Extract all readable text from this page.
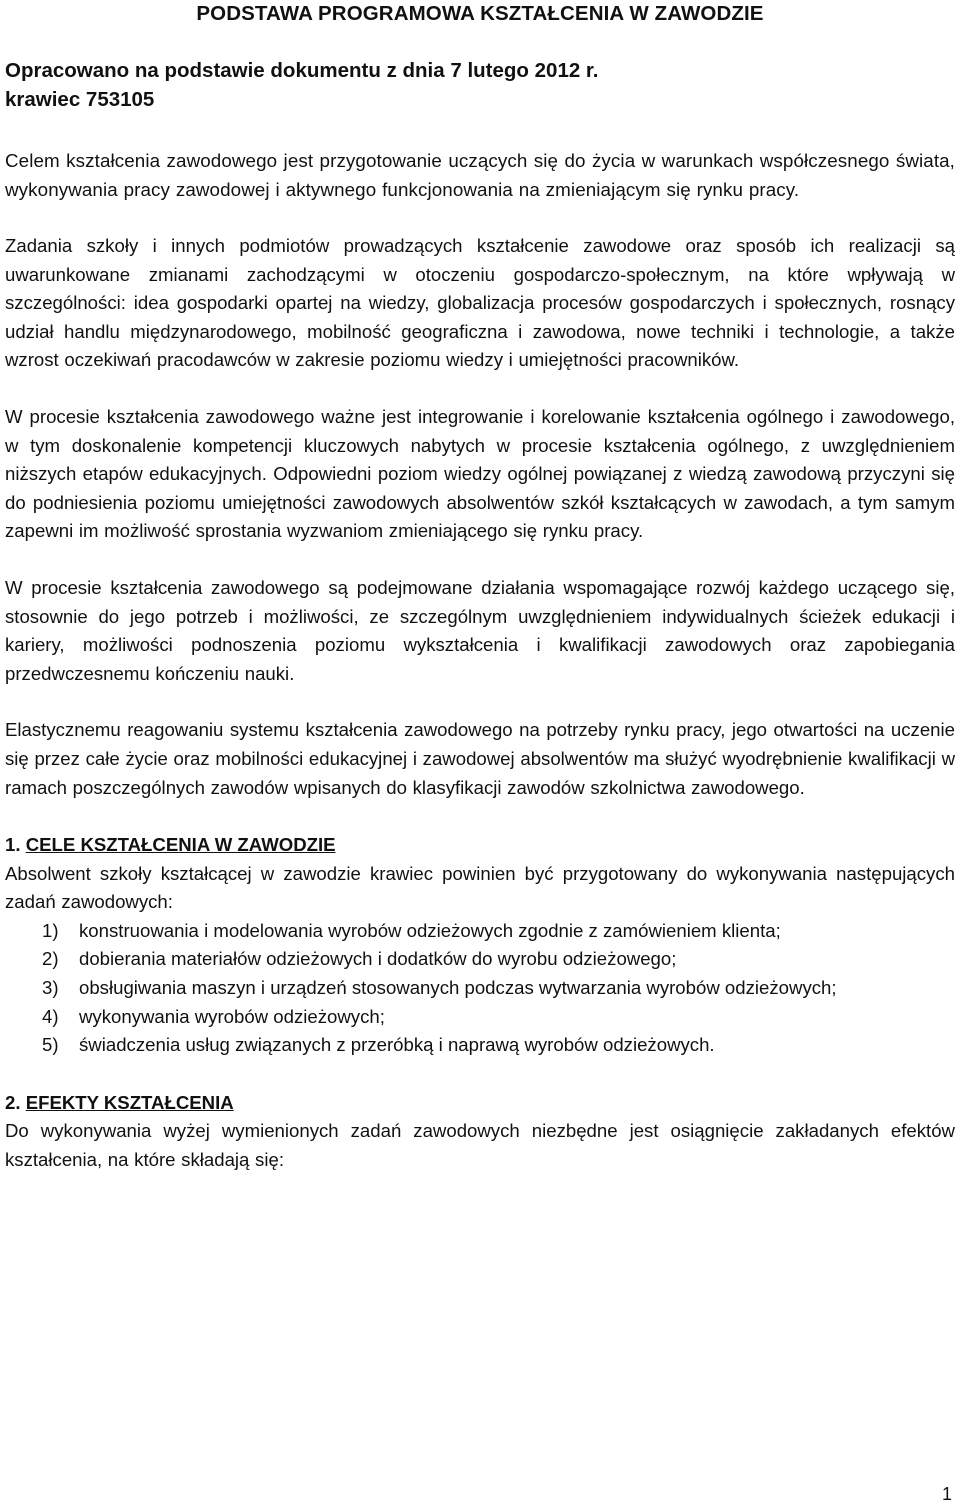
PODSTAWA PROGRAMOWA KSZTAŁCENIA W ZAWODZIE

Opracowano na podstawie dokumentu z dnia 7 lutego 2012 r.

krawiec 753105

Celem kształcenia zawodowego jest przygotowanie uczących się do życia w warunkach współczesnego świata, wykonywania pracy zawodowej i aktywnego funkcjonowania na zmieniającym się rynku pracy.

Zadania szkoły i innych podmiotów prowadzących kształcenie zawodowe oraz sposób ich realizacji są uwarunkowane zmianami zachodzącymi w otoczeniu gospodarczo-społecznym, na które wpływają w szczególności: idea gospodarki opartej na wiedzy, globalizacja procesów gospodarczych i społecznych, rosnący udział handlu międzynarodowego, mobilność geograficzna i zawodowa, nowe techniki i technologie, a także wzrost oczekiwań pracodawców w zakresie poziomu wiedzy i umiejętności pracowników.

W procesie kształcenia zawodowego ważne jest integrowanie i korelowanie kształcenia ogólnego i zawodowego, w tym doskonalenie kompetencji kluczowych nabytych w procesie kształcenia ogólnego, z uwzględnieniem niższych etapów edukacyjnych. Odpowiedni poziom wiedzy ogólnej powiązanej z wiedzą zawodową przyczyni się do podniesienia poziomu umiejętności zawodowych absolwentów szkół kształcących w zawodach, a tym samym zapewni im możliwość sprostania wyzwaniom zmieniającego się rynku pracy.

W procesie kształcenia zawodowego są podejmowane działania wspomagające rozwój każdego uczącego się, stosownie do jego potrzeb i możliwości, ze szczególnym uwzględnieniem indywidualnych ścieżek edukacji i kariery, możliwości podnoszenia poziomu wykształcenia i kwalifikacji zawodowych oraz zapobiegania przedwczesnemu kończeniu nauki.

Elastycznemu reagowaniu systemu kształcenia zawodowego na potrzeby rynku pracy, jego otwartości na uczenie się przez całe życie oraz mobilności edukacyjnej i zawodowej absolwentów ma służyć wyodrębnienie kwalifikacji w ramach poszczególnych zawodów wpisanych do klasyfikacji zawodów szkolnictwa zawodowego.

1. CELE KSZTAŁCENIA W ZAWODZIE

Absolwent szkoły kształcącej w zawodzie krawiec powinien być przygotowany do wykonywania następujących zadań zawodowych:

1) konstruowania i modelowania wyrobów odzieżowych zgodnie z zamówieniem klienta;
2) dobierania materiałów odzieżowych i dodatków do wyrobu odzieżowego;
3) obsługiwania maszyn i urządzeń stosowanych podczas wytwarzania wyrobów odzieżowych;
4) wykonywania wyrobów odzieżowych;
5) świadczenia usług związanych z przeróbką i naprawą wyrobów odzieżowych.

2. EFEKTY KSZTAŁCENIA

Do wykonywania wyżej wymienionych zadań zawodowych niezbędne jest osiągnięcie zakładanych efektów kształcenia, na które składają się:

1
